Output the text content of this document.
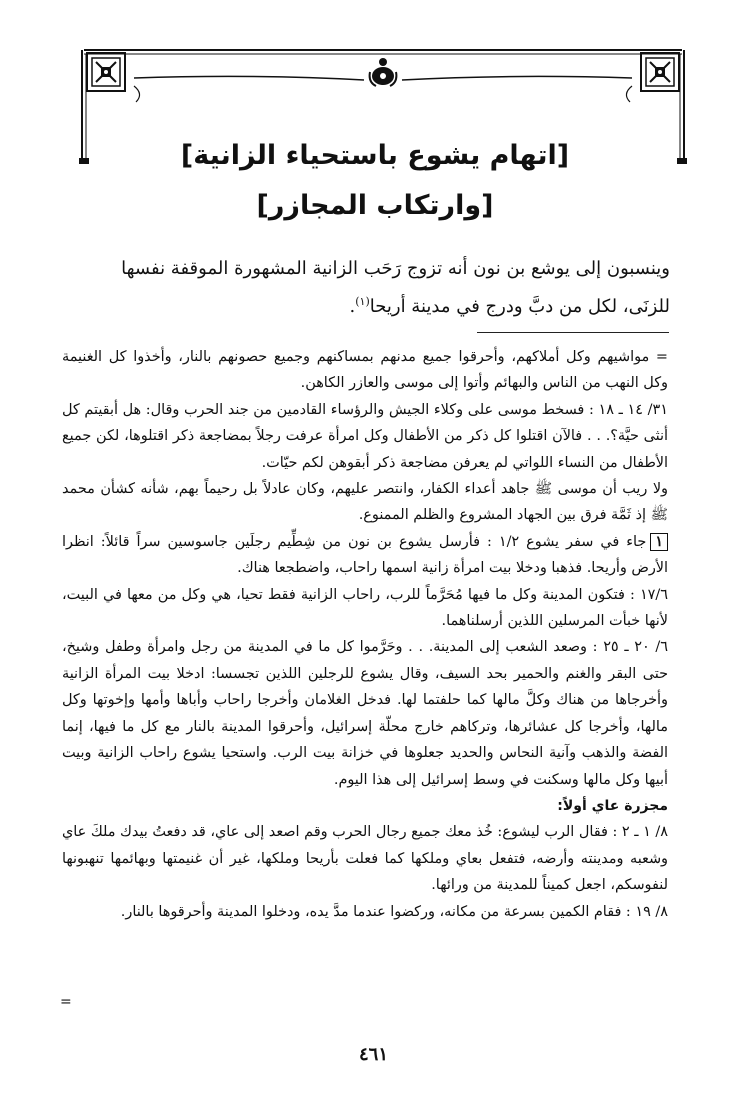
[اتهام يشوع باستحياء الزانية]
[وارتكاب المجازر]

وينسبون إلى يوشع بن نون أنه تزوج رَحَب الزانية المشهورة الموقفة نفسها

للزنَى، لكل من دبَّ ودرج في مدينة أريحا$^{(١)}$.

= مواشيهم وكل أملاكهم، وأحرقوا جميع مدنهم بمساكنهم وجميع حصونهم بالنار، وأخذوا كل الغنيمة وكل النهب من الناس والبهائم وأتوا إلى موسى والعازر الكاهن.

٣١/ ١٤ ـ ١٨ : فسخط موسى على وكلاء الجيش والرؤساء القادمين من جند الحرب وقال: هل أبقيتم كل أنثى حيَّة؟. . . فالآن اقتلوا كل ذكر من الأطفال وكل امرأة عرفت رجلاً بمضاجعة ذكر اقتلوها، لكن جميع الأطفال من النساء اللواتي لم يعرفن مضاجعة ذكر أبقوهن لكم حيّات.

ولا ريب أن موسى ﷺ جاهد أعداء الكفار، وانتصر عليهم، وكان عادلاً بل رحيماً بهم، شأنه كشأن محمد ﷺ إذ ثَمَّة فرق بين الجهاد المشروع والظلم الممنوع.

١جاء في سفر يشوع ١/٢ : فأرسل يشوع بن نون من شِطِّيم رجلَين جاسوسين سراً قائلاً: انظرا الأرض وأريحا. فذهبا ودخلا بيت امرأة زانية اسمها راحاب، واضطجعا هناك.

١٧/٦ : فتكون المدينة وكل ما فيها مُحَرَّماً للرب، راحاب الزانية فقط تحيا، هي وكل من معها في البيت، لأنها خبأت المرسلين اللذين أرسلناهما.

٦/ ٢٠ ـ ٢٥ : وصعد الشعب إلى المدينة. . . وحَرَّموا كل ما في المدينة من رجل وامرأة وطفل وشيخ، حتى البقر والغنم والحمير بحد السيف، وقال يشوع للرجلين اللذين تجسسا: ادخلا بيت المرأة الزانية وأخرجاها من هناك وكلَّ مالها كما حلفتما لها. فدخل الغلامان وأخرجا راحاب وأباها وأمها وإخوتها وكل مالها، وأخرجا كل عشائرها، وتركاهم خارج محلّة إسرائيل، وأحرقوا المدينة بالنار مع كل ما فيها، إنما الفضة والذهب وآنية النحاس والحديد جعلوها في خزانة بيت الرب. واستحيا يشوع راحاب الزانية وبيت أبيها وكل مالها وسكنت في وسط إسرائيل إلى هذا اليوم.

مجزرة عاي أولاً:

٨/ ١ ـ ٢ : فقال الرب ليشوع: خُذ معك جميع رجال الحرب وقم اصعد إلى عاي، قد دفعتُ بيدك ملكَ عاي وشعبه ومدينته وأرضه، فتفعل بعاي وملكها كما فعلت بأريحا وملكها، غير أن غنيمتها وبهائمها تنهبونها لنفوسكم، اجعل كميناً للمدينة من ورائها.

٨/ ١٩ : فقام الكمين بسرعة من مكانه، وركضوا عندما مدَّ يده، ودخلوا المدينة وأحرقوها بالنار.

=
٤٦١
